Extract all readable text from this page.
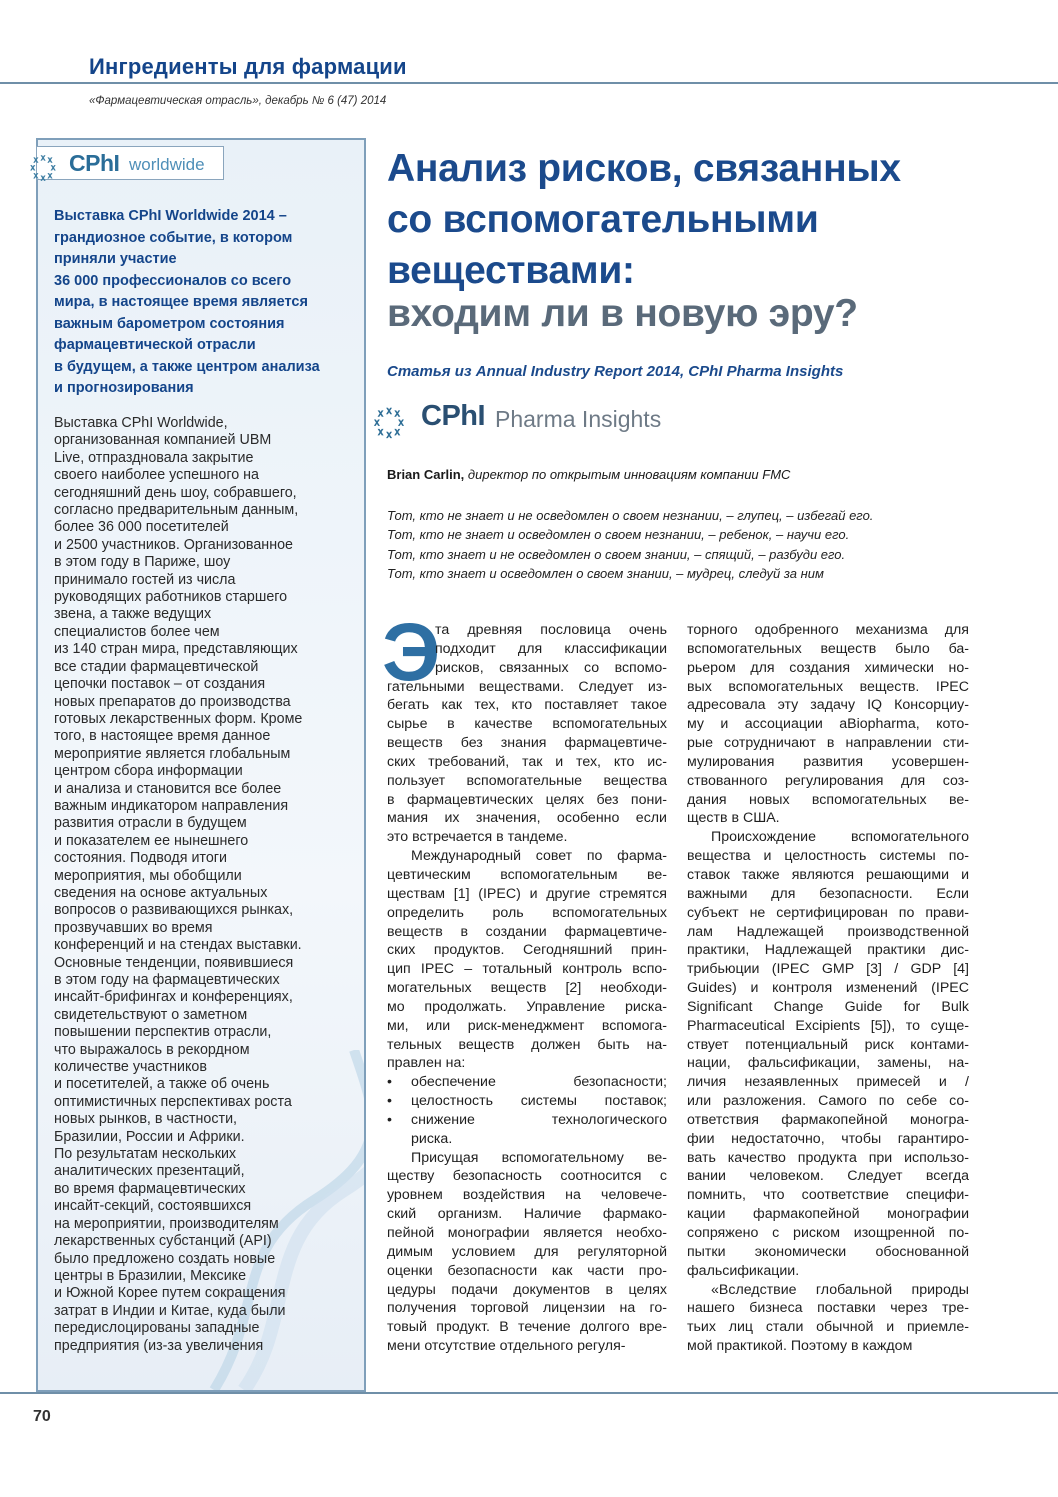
Ингредиенты для фармации
«Фармацевтическая отрасль», декабрь № 6 (47) 2014
CPhI worldwide
Выставка CPhI Worldwide 2014 –
грандиозное событие, в котором
приняли участие
36 000 профессионалов со всего
мира, в настоящее время является
важным барометром состояния
фармацевтической отрасли
в будущем, а также центром анализа
и прогнозирования
Выставка CPhI Worldwide,
организованная компанией UBM
Live, отпраздновала закрытие
своего наиболее успешного на
сегодняшний день шоу, собравшего,
согласно предварительным данным,
более 36 000 посетителей
и 2500 участников. Организованное
в этом году в Париже, шоу
принимало гостей из числа
руководящих работников старшего
звена, а также ведущих
специалистов более чем
из 140 стран мира, представляющих
все стадии фармацевтической
цепочки поставок – от создания
новых препаратов до производства
готовых лекарственных форм. Кроме
того, в настоящее время данное
мероприятие является глобальным
центром сбора информации
и анализа и становится все более
важным индикатором направления
развития отрасли в будущем
и показателем ее нынешнего
состояния. Подводя итоги
мероприятия, мы обобщили
сведения на основе актуальных
вопросов о развивающихся рынках,
прозвучавших во время
конференций и на стендах выставки.
Основные тенденции, появившиеся
в этом году на фармацевтических
инсайт-брифингах и конференциях,
свидетельствуют о заметном
повышении перспектив отрасли,
что выражалось в рекордном
количестве участников
и посетителей, а также об очень
оптимистичных перспективах роста
новых рынков, в частности,
Бразилии, России и Африки.
По результатам нескольких
аналитических презентаций,
во время фармацевтических
инсайт-секций, состоявшихся
на мероприятии, производителям
лекарственных субстанций (API)
было предложено создать новые
центры в Бразилии, Мексике
и Южной Корее путем сокращения
затрат в Индии и Китае, куда были
передислоцированы западные
предприятия (из-за увеличения
Анализ рисков, связанных
со вспомогательными
веществами:
входим ли в новую эру?
Статья из Annual Industry Report 2014, CPhI Pharma Insights
CPhI Pharma Insights
Brian Carlin, директор по открытым инновациям компании FMC
Тот, кто не знает и не осведомлен о своем незнании, – глупец, – избегай его.
Тот, кто не знает и осведомлен о своем незнании, – ребенок, – научи его.
Тот, кто знает и не осведомлен о своем знании, – спящий, – разбуди его.
Тот, кто знает и осведомлен о своем знании, – мудрец, следуй за ним
Э
та древняя пословица очень
подходит для классификации
рисков, связанных со вспомо-
гательными веществами. Следует из-
бегать как тех, кто поставляет такое
сырье в качестве вспомогательных
веществ без знания фармацевтиче-
ских требований, так и тех, кто ис-
пользует вспомогательные вещества
в фармацевтических целях без пони-
мания их значения, особенно если
это встречается в тандеме.
Международный совет по фарма-
цевтическим вспомогательным ве-
ществам [1] (IPEC) и другие стремятся
определить роль вспомогательных
веществ в создании фармацевтиче-
ских продуктов. Сегодняшний прин-
цип IPEC – тотальный контроль вспо-
могательных веществ [2] необходи-
мо продолжать. Управление риска-
ми, или риск-менеджмент вспомога-
тельных веществ должен быть на-
правлен на:
• обеспечение безопасности;
• целостность системы поставок;
• снижение технологического
риска.
Присущая вспомогательному ве-
ществу безопасность соотносится с
уровнем воздействия на человече-
ский организм. Наличие фармако-
пейной монографии является необхо-
димым условием для регуляторной
оценки безопасности как части про-
цедуры подачи документов в целях
получения торговой лицензии на го-
товый продукт. В течение долгого вре-
мени отсутствие отдельного регуля-
торного одобренного механизма для
вспомогательных веществ было ба-
рьером для создания химически но-
вых вспомогательных веществ. IPEC
адресовала эту задачу IQ Консорциу-
му и ассоциации aBiopharma, кото-
рые сотрудничают в направлении сти-
мулирования развития усовершен-
ствованного регулирования для соз-
дания новых вспомогательных ве-
ществ в США.
Происхождение вспомогательного
вещества и целостность системы по-
ставок также являются решающими и
важными для безопасности. Если
субъект не сертифицирован по прави-
лам Надлежащей производственной
практики, Надлежащей практики дис-
трибьюции (IPEC GMP [3] / GDP [4]
Guides) и контроля изменений (IPEC
Significant Change Guide for Bulk
Pharmaceutical Excipients [5]), то суще-
ствует потенциальный риск контами-
нации, фальсификации, замены, на-
личия незаявленных примесей и /
или разложения. Самого по себе со-
ответствия фармакопейной моногра-
фии недостаточно, чтобы гарантиро-
вать качество продукта при использо-
вании человеком. Следует всегда
помнить, что соответствие специфи-
кации фармакопейной монографии
сопряжено с риском изощренной по-
пытки экономически обоснованной
фальсификации.
«Вследствие глобальной природы
нашего бизнеса поставки через тре-
тьих лиц стали обычной и приемле-
мой практикой. Поэтому в каждом
70
